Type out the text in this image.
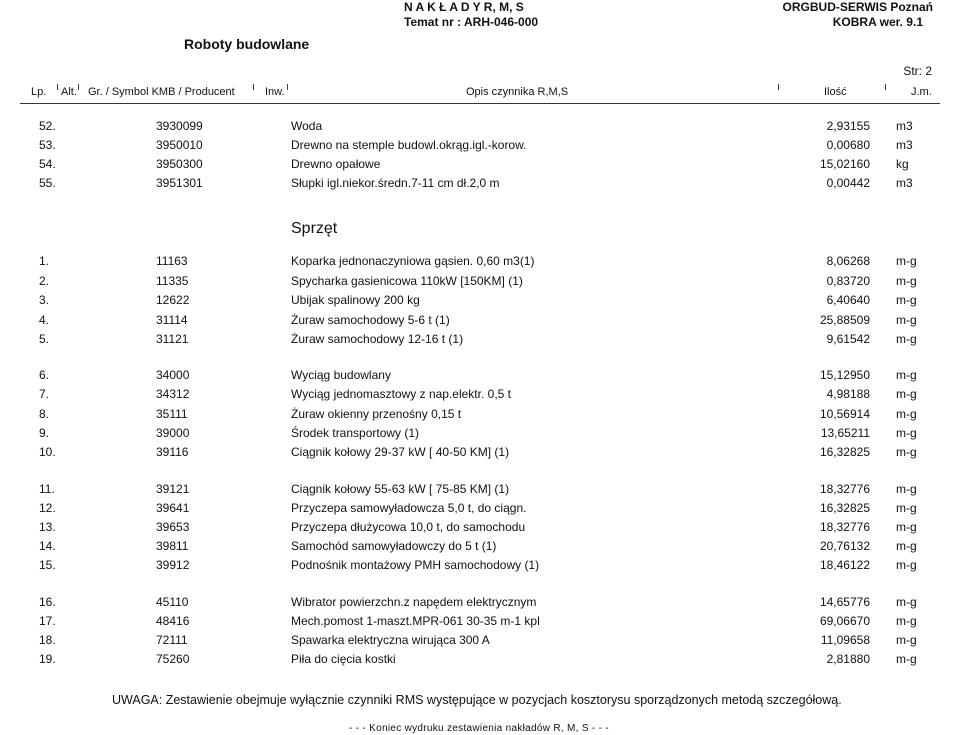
N A K Ł A D Y R, M, S
Temat nr : ARH-046-000
ORGBUD-SERWIS Poznań
KOBRA wer. 9.1
Roboty budowlane
Str: 2
Lp. Alt. Gr. / Symbol KMB / Producent	Inw.	Opis czynnika R,M,S	Ilość	J.m.
52.	3930099	Woda	2,93155 m3
53.	3950010	Drewno na stemple budowl.okrąg.igl.-korow.	0,00680 m3
54.	3950300	Drewno opałowe	15,02160 kg
55.	3951301	Słupki igl.niekor.średn.7-11 cm dł.2,0 m	0,00442 m3
Sprzęt
1.	11163	Koparka jednonaczyniowa gąsien. 0,60 m3(1)	8,06268 m-g
2.	11335	Spycharka gasienicowa 110kW [150KM] (1)	0,83720 m-g
3.	12622	Ubijak spalinowy 200 kg	6,40640 m-g
4.	31114	Żuraw samochodowy 5-6 t (1)	25,88509 m-g
5.	31121	Żuraw samochodowy 12-16 t (1)	9,61542 m-g
6.	34000	Wyciąg budowlany	15,12950 m-g
7.	34312	Wyciąg jednomasztowy z nap.elektr. 0,5 t	4,98188 m-g
8.	35111	Żuraw okienny przenośny 0,15 t	10,56914 m-g
9.	39000	Środek transportowy (1)	13,65211 m-g
10.	39116	Ciągnik kołowy 29-37 kW [ 40-50 KM] (1)	16,32825 m-g
11.	39121	Ciągnik kołowy 55-63 kW [ 75-85 KM] (1)	18,32776 m-g
12.	39641	Przyczepa samowyładowcza 5,0 t, do ciągn.	16,32825 m-g
13.	39653	Przyczepa dłużycowa 10,0 t, do samochodu	18,32776 m-g
14.	39811	Samochód samowyładowczy do 5 t (1)	20,76132 m-g
15.	39912	Podnośnik montażowy PMH samochodowy (1)	18,46122 m-g
16.	45110	Wibrator powierzchn.z napędem elektrycznym	14,65776 m-g
17.	48416	Mech.pomost 1-maszt.MPR-061 30-35 m-1 kpl	69,06670 m-g
18.	72111	Spawarka elektryczna wirująca 300 A	11,09658 m-g
19.	75260	Piła do cięcia kostki	2,81880 m-g
UWAGA: Zestawienie obejmuje wyłącznie czynniki RMS występujące w pozycjach kosztorysu sporządzonych metodą szczegółową.
- - - Koniec wydruku zestawienia nakładów R, M, S - - -
